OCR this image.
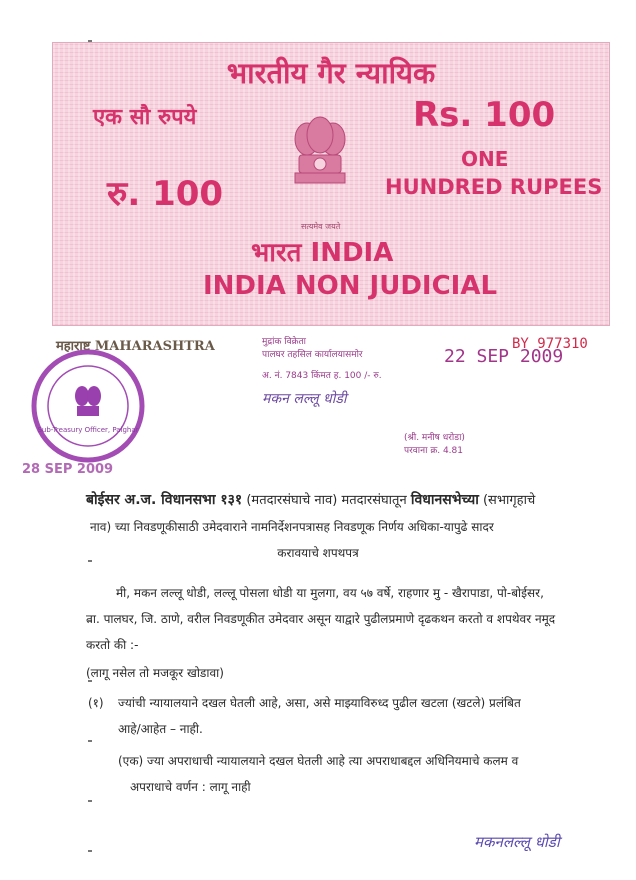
भारतीय गैर न्यायिक
एक सौ रुपये	Rs. 100
रु. 100
ONE
HUNDRED RUPEES
सत्यमेव जयते
भारत INDIA
INDIA NON JUDICIAL
महाराष्ट्र MAHARASHTRA	BY 977310
22 SEP 2009
मुद्रांक विक्रेता
पालघर तहसिल कार्यालयासमोर
अ. नं. 7843 किंमत ह. 100 /- रु.
मकन लल्लू धोडी
(श्री. मनीष धरोडा)
परवाना क्र. 4.81
Sub-Treasury Officer, Palghar
28 SEP 2009
बोईसर अ.ज. विधानसभा १३१ (मतदारसंघाचे नाव) मतदारसंघातून विधानसभेच्या (सभागृहाचे
नाव) च्या निवडणूकीसाठी उमेदवाराने नामनिर्देशनपत्रासह निवडणूक निर्णय अधिका-यापुढे सादर
करावयाचे शपथपत्र
मी, मकन लल्लू धोडी, लल्लू पोसला धोडी या मुलगा, वय ५७ वर्षे, राहणार मु - खैरापाडा, पो-बोईसर,
ता. पालघर, जि. ठाणे, वरील निवडणूकीत उमेदवार असून याद्वारे पुढीलप्रमाणे दृढकथन करतो व शपथेवर नमूद
करतो की :-
(लागू नसेल तो मजकूर खोडावा)
(१) ज्यांची न्यायालयाने दखल घेतली आहे, असा, असे माझ्याविरुध्द पुढील खटला (खटले) प्रलंबित
आहे/आहेत – नाही.
(एक) ज्या अपराधाची न्यायालयाने दखल घेतली आहे त्या अपराधाबद्दल अधिनियमाचे कलम व
अपराधाचे वर्णन : लागू नाही
मकनलल्लू धोडी
